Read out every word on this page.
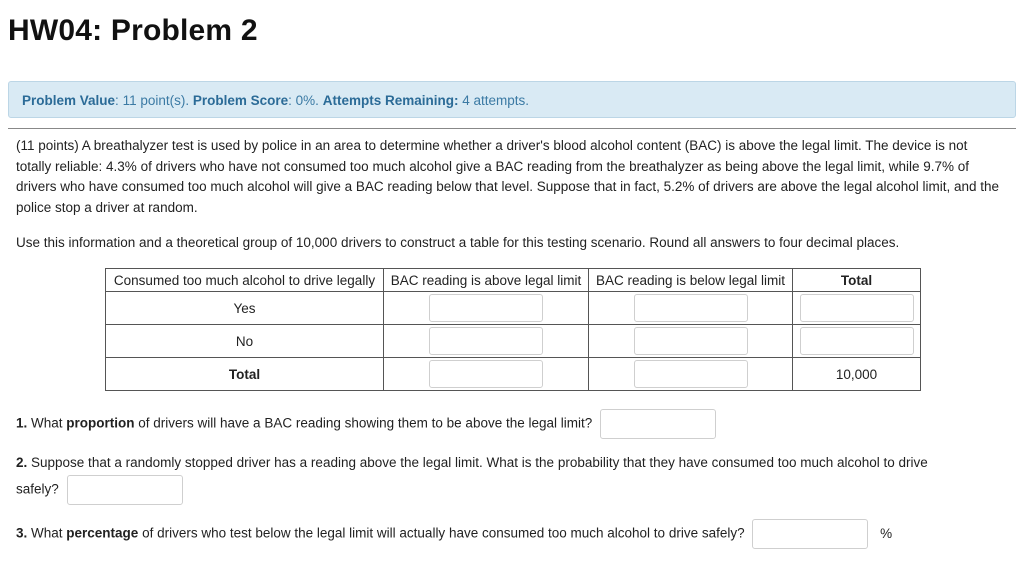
HW04: Problem 2
Problem Value: 11 point(s). Problem Score: 0%. Attempts Remaining: 4 attempts.

(11 points) A breathalyzer test is used by police in an area to determine whether a driver's blood alcohol content (BAC) is above the legal limit. The device is not totally reliable: 4.3% of drivers who have not consumed too much alcohol give a BAC reading from the breathalyzer as being above the legal limit, while 9.7% of drivers who have consumed too much alcohol will give a BAC reading below that level. Suppose that in fact, 5.2% of drivers are above the legal alcohol limit, and the police stop a driver at random.

Use this information and a theoretical group of 10,000 drivers to construct a table for this testing scenario. Round all answers to four decimal places.

Consumed too much alcohol to drive legally	BAC reading is above legal limit	BAC reading is below legal limit	Total
Yes	

No	

Total			10,000

1. What proportion of drivers will have a BAC reading showing them to be above the legal limit?

2. Suppose that a randomly stopped driver has a reading above the legal limit. What is the probability that they have consumed too much alcohol to drive
safely?

3. What percentage of drivers who test below the legal limit will actually have consumed too much alcohol to drive safely?	%
